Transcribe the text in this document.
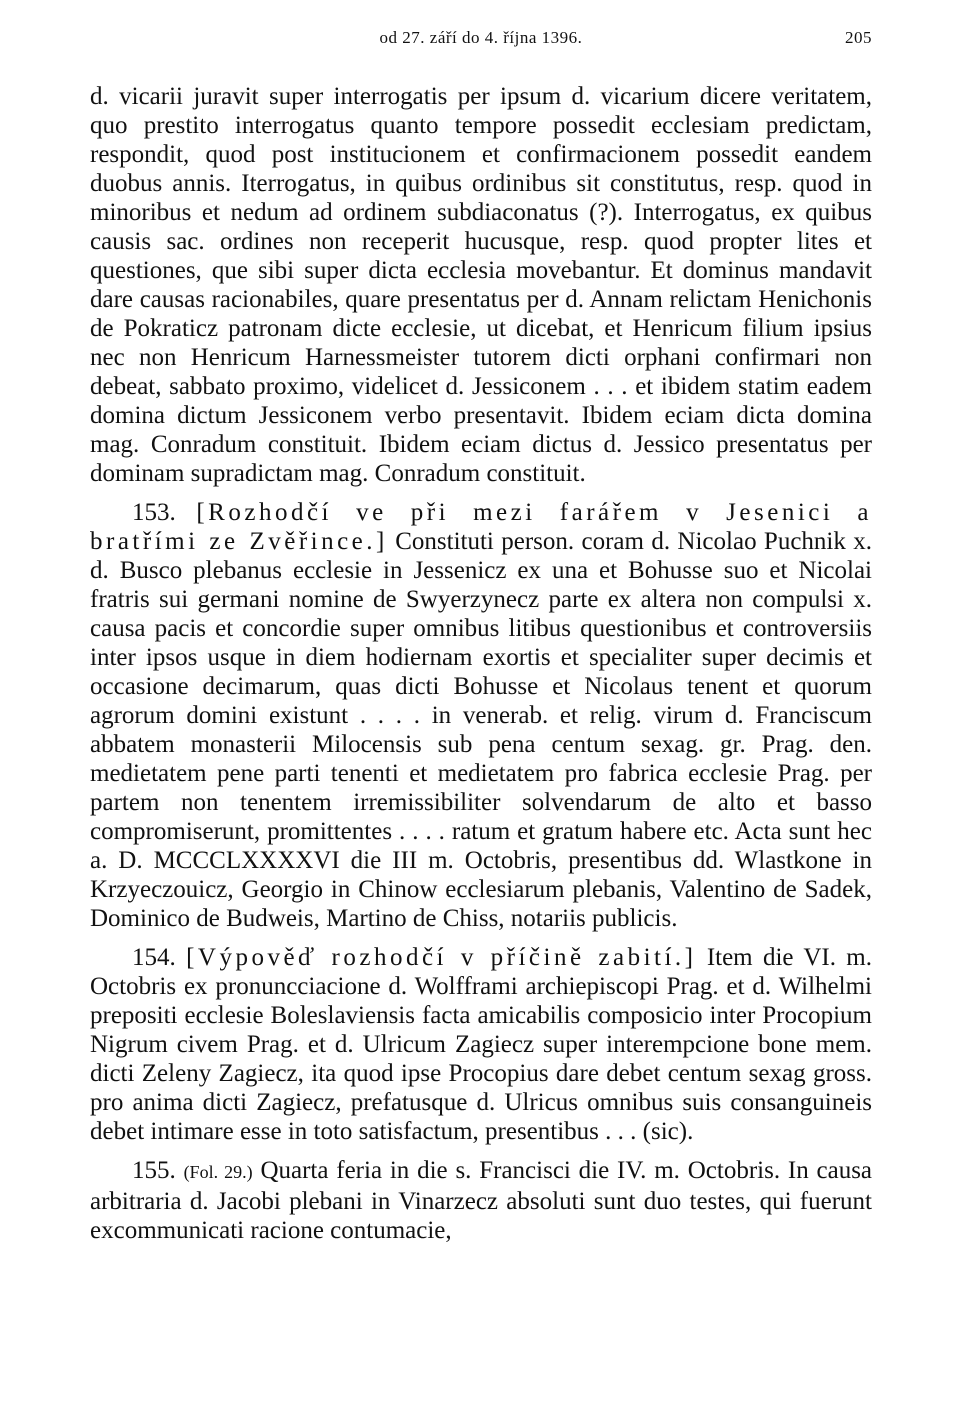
od 27. září do 4. října 1396.	205

d. vicarii juravit super interrogatis per ipsum d. vicarium dicere veritatem, quo prestito interrogatus quanto tempore possedit ecclesiam predictam, respondit, quod post institucionem et confirmacionem possedit eandem duobus annis. Iterrogatus, in quibus ordinibus sit constitutus, resp. quod in minoribus et nedum ad ordinem subdiaconatus (?). Interrogatus, ex quibus causis sac. ordines non receperit hucusque, resp. quod propter lites et questiones, que sibi super dicta ecclesia movebantur. Et dominus mandavit dare causas racionabiles, quare presentatus per d. Annam relictam Henichonis de Pokraticz patronam dicte ecclesie, ut dicebat, et Henricum filium ipsius nec non Henricum Harnessmeister tutorem dicti orphani confirmari non debeat, sabbato proximo, videlicet d. Jessiconem . . . et ibidem statim eadem domina dictum Jessiconem verbo presentavit. Ibidem eciam dicta domina mag. Conradum constituit. Ibidem eciam dictus d. Jessico presentatus per dominam supradictam mag. Conradum constituit.

153. [Rozhodčí ve při mezi farářem v Jesenici a bratřími ze Zvěřince.] Constituti person. coram d. Nicolao Puchnik x. d. Busco plebanus ecclesie in Jessenicz ex una et Bohusse suo et Nicolai fratris sui germani nomine de Swyerzynecz parte ex altera non compulsi x. causa pacis et concordie super omnibus litibus questionibus et controversiis inter ipsos usque in diem hodiernam exortis et specialiter super decimis et occasione decimarum, quas dicti Bohusse et Nicolaus tenent et quorum agrorum domini existunt . . . . in venerab. et relig. virum d. Franciscum abbatem monasterii Milocensis sub pena centum sexag. gr. Prag. den. medietatem pene parti tenenti et medietatem pro fabrica ecclesie Prag. per partem non tenentem irremissibiliter solvendarum de alto et basso compromiserunt, promittentes . . . . ratum et gratum habere etc. Acta sunt hec a. D. MCCCLXXXXVI die III m. Octobris, presentibus dd. Wlastkone in Krzyeczouicz, Georgio in Chinow ecclesiarum plebanis, Valentino de Sadek, Dominico de Budweis, Martino de Chiss, notariis publicis.

154. [Výpověď rozhodčí v příčině zabití.] Item die VI. m. Octobris ex pronuncciacione d. Wolfframi archiepiscopi Prag. et d. Wilhelmi prepositi ecclesie Boleslaviensis facta amicabilis composicio inter Procopium Nigrum civem Prag. et d. Ulricum Zagiecz super interempcione bone mem. dicti Zeleny Zagiecz, ita quod ipse Procopius dare debet centum sexag gross. pro anima dicti Zagiecz, prefatusque d. Ulricus omnibus suis consanguineis debet intimare esse in toto satisfactum, presentibus . . . (sic).

155. (Fol. 29.) Quarta feria in die s. Francisci die IV. m. Octobris. In causa arbitraria d. Jacobi plebani in Vinarzecz absoluti sunt duo testes, qui fuerunt excommunicati racione contumacie,
